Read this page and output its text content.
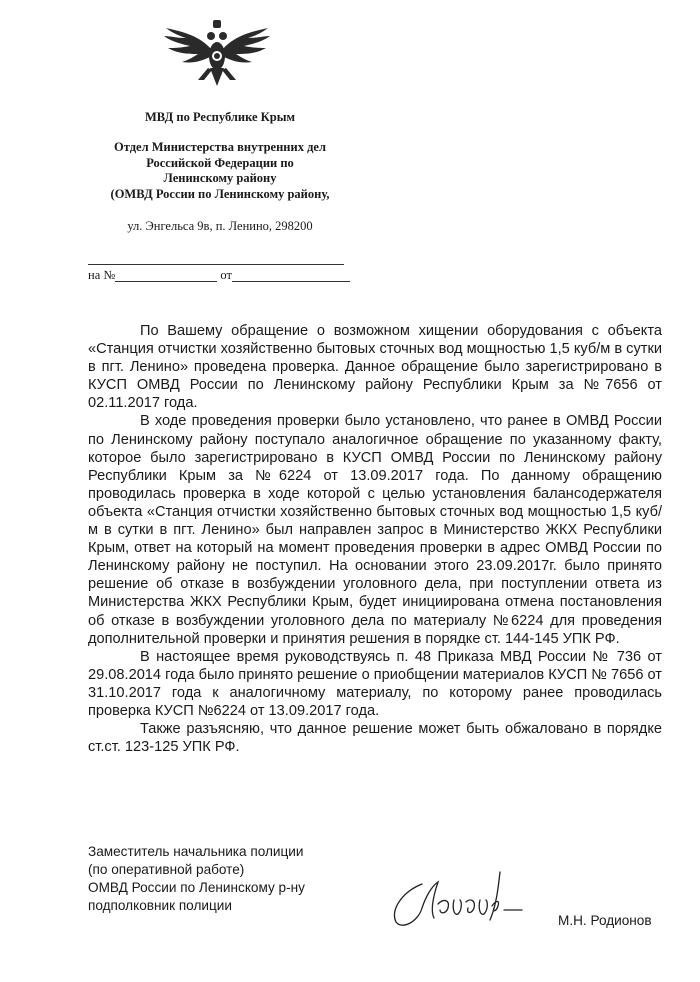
МВД по Республике Крым
Отдел Министерства внутренних дел
Российской Федерации по
Ленинскому району
(ОМВД России по Ленинскому району,
ул. Энгельса 9в, п. Ленино, 298200
на №	от

По Вашему обращение о возможном хищении оборудования с объекта «Станция отчистки хозяйственно бытовых сточных вод мощностью 1,5 куб/м в сутки в пгт. Ленино» проведена проверка. Данное обращение было зарегистрировано в КУСП ОМВД России по Ленинскому району Республики Крым за №7656 от 02.11.2017 года.

В ходе проведения проверки было установлено, что ранее в ОМВД России по Ленинскому району поступало аналогичное обращение по указанному факту, которое было зарегистрировано в КУСП ОМВД России по Ленинскому району Республики Крым за №6224 от 13.09.2017 года. По данному обращению проводилась проверка в ходе которой с целью установления балансодержателя объекта «Станция отчистки хозяйственно бытовых сточных вод мощностью 1,5 куб/м в сутки в пгт. Ленино» был направлен запрос в Министерство ЖКХ Республики Крым, ответ на который на момент проведения проверки в адрес ОМВД России по Ленинскому району не поступил. На основании этого 23.09.2017г. было принято решение об отказе в возбуждении уголовного дела, при поступлении ответа из Министерства ЖКХ Республики Крым, будет инициирована отмена постановления об отказе в возбуждении уголовного дела по материалу №6224 для проведения дополнительной проверки и принятия решения в порядке ст. 144-145 УПК РФ.

В настоящее время руководствуясь п. 48 Приказа МВД России № 736 от 29.08.2014 года было принято решение о приобщении материалов КУСП № 7656 от 31.10.2017 года к аналогичному материалу, по которому ранее проводилась проверка КУСП №6224 от 13.09.2017 года.

Также разъясняю, что данное решение может быть обжаловано в порядке ст.ст. 123-125 УПК РФ.

Заместитель начальника полиции
(по оперативной работе)
ОМВД России по Ленинскому р-ну
подполковник полиции
М.Н. Родионов
